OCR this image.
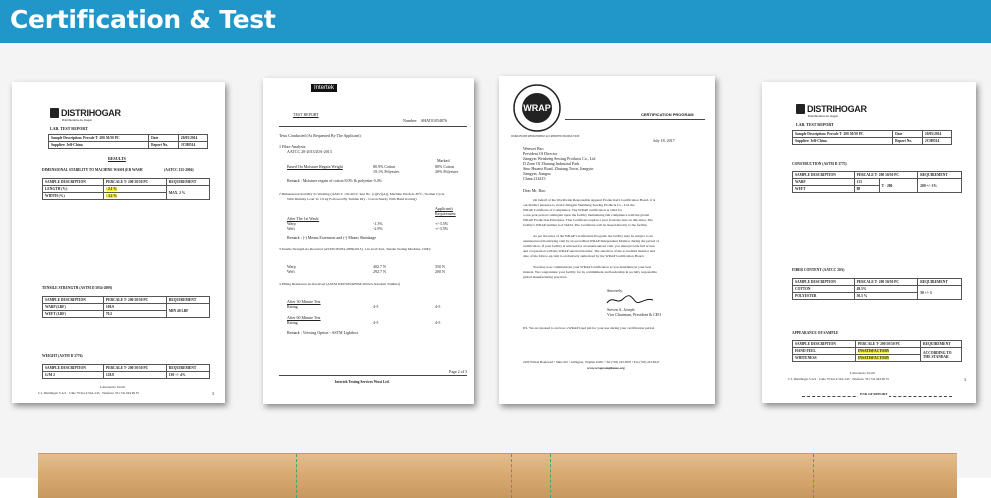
Certification & Test
DISTRIHOGAR
Distribuidora de Hogar
LAB. TEST REPORT
Sample Description: Percale T- 200 50/50 PC	Date	20/05/2014
Supplier: Jeff-China	Report No.	JCH0514
RESULTS
DIMENSIONAL STABILITY TO MACHINE WASH (ER WASH	(AATCC 135-2004)
SAMPLE DESCRIPTION	PERCALE T- 200 50/50 PC	REQUIREMENT
LENGTH (%)	- 2.1 %	MAX. 2 %
WIDTH (%)	- 3.2 %	
TENSILE STRENGTH (ASTM D 5034-2009)
SAMPLE DESCRIPTION	PERCALE T- 200 50/50 PC	REQUIREMENT
WARP (LBF)	108.9	MIN 40 LBF
WEFT (LBF)	70.5	
WEIGHT (ASTM D 3776)
SAMPLE DESCRIPTION	PERCALE T- 200 50/50 PC	REQUIREMENT
G/M 2	128.8	130 +/- 4%
Laboratorio Textil
C.I. Distrihogar S.A.S · Calle 79 Sur # 52A-145 · Telefono: 331 741 044 99 55	3
Intertek
TEST REPORT
Number: SHAT01054876
Tests Conducted (As Requested By The Applicant)
1 Fibre Analysis:
AATCC 20-2013/20A-2013
Marked
Based On Moisture Regain Weight	80.9% Cotton	80% Cotton
19.1% Polyester	20% Polyester
Remark : Moisture regain of cotton 8.0% & polyester 0.4%
2 Dimensional Stability To Washing (AATCC 135-2012, Test No. (1)(IV)(A)), Machine Wash At 30°C, Normal Cycle
With Dummy Load To 1.8 kg Followed By Tumble Dry - Cotton/Sturdy With Hand Ironing)
Applicant's Requirement
After The 1st Wash:
Warp	-1.3%	+/-3.5%
Weft	-2.9%	+/-3.5%
Remark : (-) Means Extension and (-) Means Shrinkage
3 Tensile Strength As Received (ASTM D5034-2009(2013), 1-in Grab Test, Tensile Testing Machine, CRE):
Warp	402.7 N	350 N
Weft	292.7 N	200 N
4 Pilling Resistance As Received (ASTM D4970/D4970M-2010e3, Random Tumbler)
After 30 Minute Test
Rating	4-5	4-5
After 60 Minute Test
Rating	4-5	4-5
Remark : Viewing Option - ASTM Lightbox
Page 2 of 3
Intertek Testing Services Wuxi Ltd.
WRAP
WORLDWIDE RESPONSIBLE ACCREDITED PRODUCTION
CERTIFICATION PROGRAM
July 18, 2017
Wenwei Bao
President Of Director
Jiangyin Weisheng Sewing Products Co., Ltd
D Zone Of Zhutang Industrial Park
Sino Huanxi Road, Zhutang Town, Jiangyin
Jiangyin, Jiangsu
China 214415
Dear Mr. Bao:
On behalf of the Worldwide Responsible Apparel Production's Certification Board, it is
our distinct pleasure to award Jiangyin Weisheng Sewing Products Co., Ltd. the
WRAP Certificate of Compliance. The WRAP certification is valid for
a one-year period contingent upon the facility maintaining full compliance with the global
WRAP Production Principles. This Certificate expires a year from the date on this letter. The
facility's WRAP number is # 54434. The Certificate will be issued directly to the facility.
As per the rules of the WRAP Certification Program, the facility may be subject to an
unannounced monitoring visit by an accredited WRAP Independent Monitor during the period of
certification. If your facility is selected for an unannounced visit, you must provide full access
and cooperation with the WRAP selected monitor. The selection of the accredited monitor and
date of the follow-up visit is exclusively authorized by the WRAP Certification Board.
You may now communicate your WRAP Certification as you determine in your best
interest. We congratulate your facility for its commitment and leadership in socially responsible
global manufacturing practices.
Sincerely,
Steven A. Joseph
Vice Chairman, President & CEO
P.S. We are pleased to enclose a WRAP lapel pin for your use during your certification period.
2200 Wilson Boulevard • Suite 601 • Arlington, Virginia 22201 • Tel (703) 243-0970 • Fax (703) 243-8247
www.wrapcompliance.org
DISTRIHOGAR
Distribuidora de Hogar
LAB. TEST REPORT
Sample Description: Percale T- 200 50/50 PC	Date	20/05/2014
Supplier: Jeff-China	Report No.	JCH0514
CONSTRUCTION (ASTM D 3775)
SAMPLE DESCRIPTION	PERCALE T- 200 50/50 PC		REQUIREMENT
WARP	113	T - 200	200 +/- 3%
WEFT	88		
FIBER CONTENT (AATCC 20A)
SAMPLE DESCRIPTION	PERCALE T- 200 50/50 PC	REQUIREMENT
COTTON	49.5%	50 +/- 3
POLYESTER	50.5 %	
APPEARANCE OF SAMPLE
SAMPLE DESCRIPTION	PERCALE T- 200 50/50 PC	REQUIREMENT
HAND FEEL	INSATISFACTORY	ACCORDING TO THE STANDAR
WHITENESS	INSATISFACTORY	
END OF REPORT
Laboratorio Textil
C.I. Distrihogar S.A.S · Calle 79 Sur # 52A-145 · Telefono: 331 741 044 99 55	3
